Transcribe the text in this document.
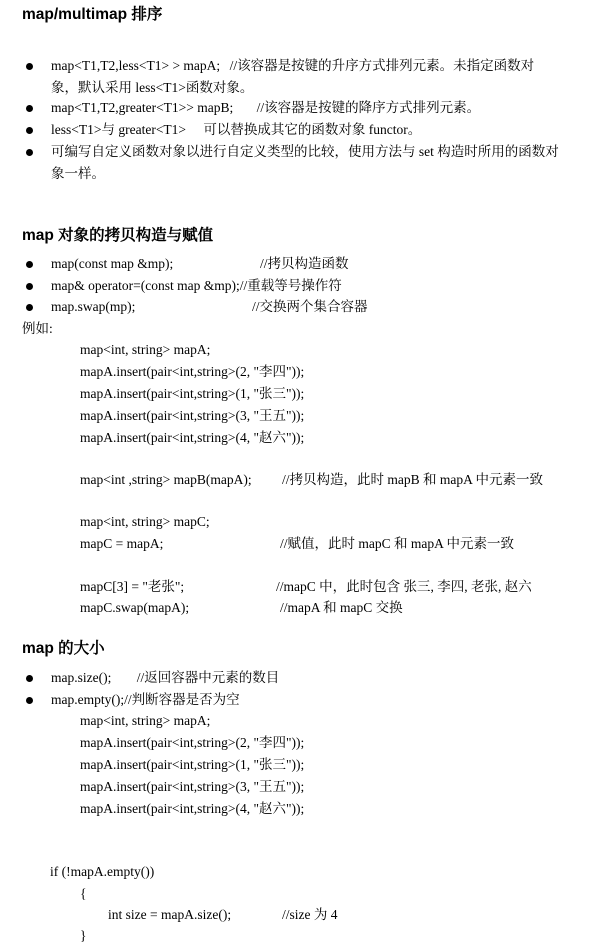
map/multimap 排序
map<T1,T2,less<T1> > mapA; //该容器是按键的升序方式排列元素。未指定函数对
象，默认采用 less<T1>函数对象。
map<T1,T2,greater<T1>> mapB; //该容器是按键的降序方式排列元素。
less<T1>与 greater<T1> 可以替换成其它的函数对象 functor。
可编写自定义函数对象以进行自定义类型的比较，使用方法与 set 构造时所用的函数对
象一样。
map 对象的拷贝构造与赋值
map(const map &mp);	//拷贝构造函数
map& operator=(const map &mp);//重载等号操作符
map.swap(mp);	//交换两个集合容器
例如:
map<int, string> mapA;
mapA.insert(pair<int,string>(2, "李四"));
mapA.insert(pair<int,string>(1, "张三"));
mapA.insert(pair<int,string>(3, "王五"));
mapA.insert(pair<int,string>(4, "赵六"));
map<int ,string> mapB(mapA); //拷贝构造，此时 mapB 和 mapA 中元素一致
map<int, string> mapC;
mapC = mapA;	//赋值，此时 mapC 和 mapA 中元素一致
mapC[3] = "老张";	//mapC 中，此时包含 张三, 李四, 老张, 赵六
mapC.swap(mapA);	//mapA 和 mapC 交换
map 的大小
map.size(); //返回容器中元素的数目
map.empty();//判断容器是否为空
map<int, string> mapA;
mapA.insert(pair<int,string>(2, "李四"));
mapA.insert(pair<int,string>(1, "张三"));
mapA.insert(pair<int,string>(3, "王五"));
mapA.insert(pair<int,string>(4, "赵六"));
if (!mapA.empty())
{
int size = mapA.size();	//size 为 4
}
